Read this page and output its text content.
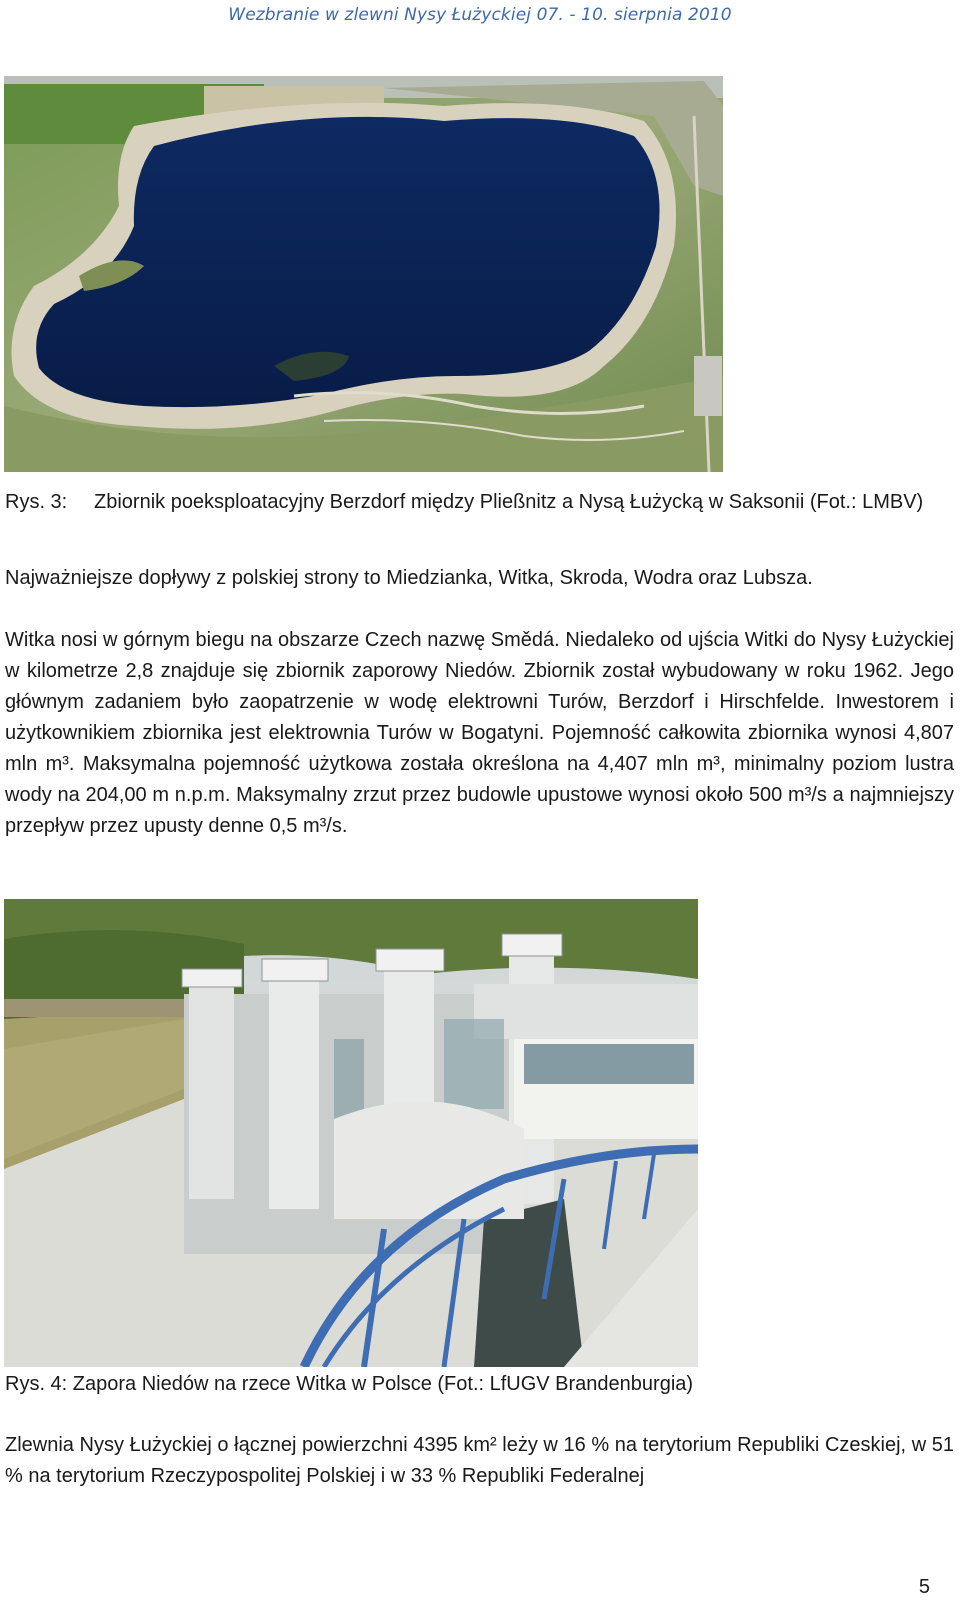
Wezbranie w zlewni Nysy Łużyckiej 07. - 10. sierpnia 2010
Rys. 3: Zbiornik poeksploatacyjny Berzdorf między Pließnitz a Nysą Łużycką w Saksonii (Fot.: LMBV)
Najważniejsze dopływy z polskiej strony to Miedzianka, Witka, Skroda, Wodra oraz Lubsza.
Witka nosi w górnym biegu na obszarze Czech nazwę Smědá. Niedaleko od ujścia Witki do Nysy Łużyckiej w kilometrze 2,8 znajduje się zbiornik zaporowy Niedów. Zbiornik został wybudowany w roku 1962. Jego głównym zadaniem było zaopatrzenie w wodę elektrowni Turów, Berzdorf i Hirschfelde. Inwestorem i użytkownikiem zbiornika jest elektrownia Turów w Bogatyni. Pojemność całkowita zbiornika wynosi 4,807 mln m³. Maksymalna pojemność użytkowa została określona na 4,407 mln m³, minimalny poziom lustra wody na 204,00 m n.p.m. Maksymalny zrzut przez budowle upustowe wynosi około 500 m³/s a najmniejszy przepływ przez upusty denne 0,5 m³/s.
Rys. 4: Zapora Niedów na rzece Witka w Polsce (Fot.: LfUGV Brandenburgia)
Zlewnia Nysy Łużyckiej o łącznej powierzchni 4395 km² leży w 16 % na terytorium Republiki Czeskiej, w 51 % na terytorium Rzeczypospolitej Polskiej i w 33 % Republiki Federalnej
5
